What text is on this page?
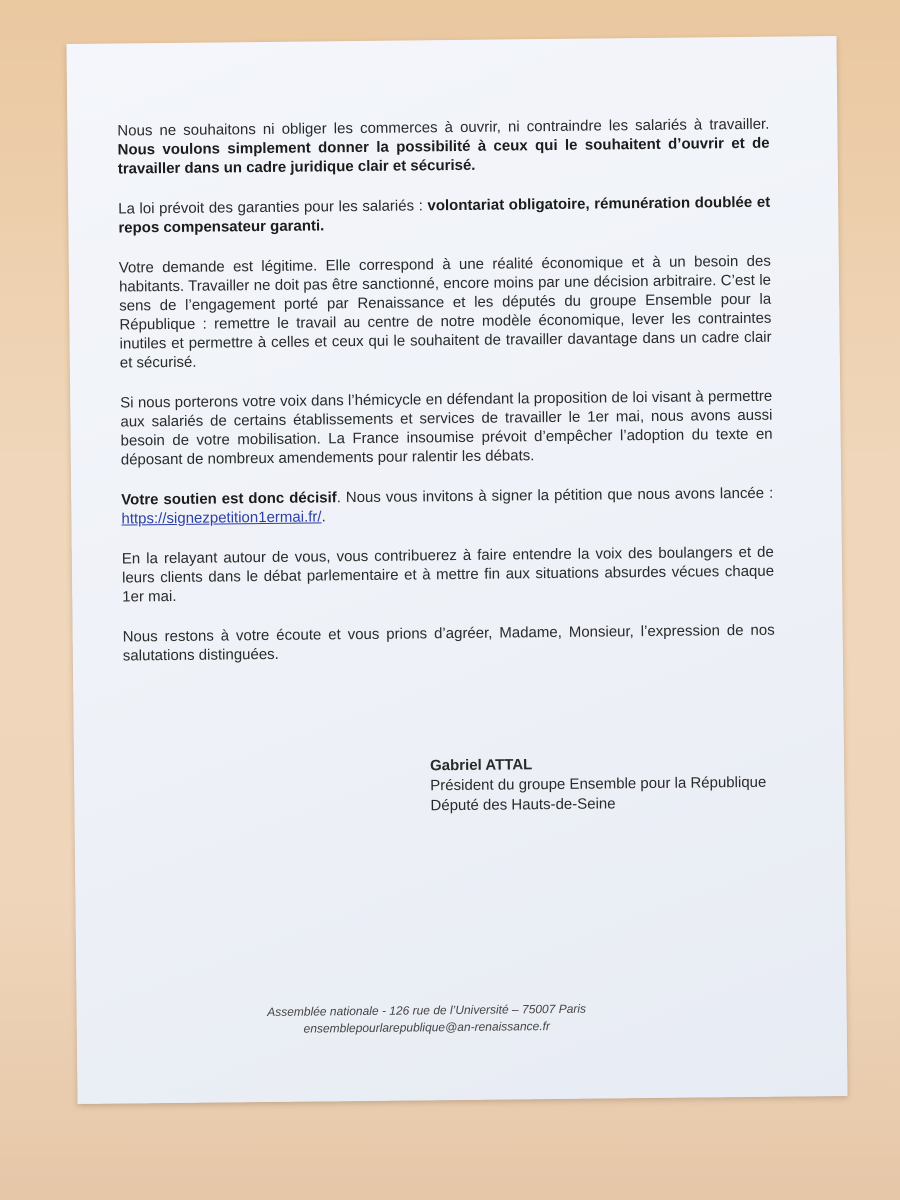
Nous ne souhaitons ni obliger les commerces à ouvrir, ni contraindre les salariés à travailler. Nous voulons simplement donner la possibilité à ceux qui le souhaitent d’ouvrir et de travailler dans un cadre juridique clair et sécurisé.

La loi prévoit des garanties pour les salariés : volontariat obligatoire, rémunération doublée et repos compensateur garanti.

Votre demande est légitime. Elle correspond à une réalité économique et à un besoin des habitants. Travailler ne doit pas être sanctionné, encore moins par une décision arbitraire. C’est le sens de l’engagement porté par Renaissance et les députés du groupe Ensemble pour la République : remettre le travail au centre de notre modèle économique, lever les contraintes inutiles et permettre à celles et ceux qui le souhaitent de travailler davantage dans un cadre clair et sécurisé.

Si nous porterons votre voix dans l’hémicycle en défendant la proposition de loi visant à permettre aux salariés de certains établissements et services de travailler le 1er mai, nous avons aussi besoin de votre mobilisation. La France insoumise prévoit d’empêcher l’adoption du texte en déposant de nombreux amendements pour ralentir les débats.

Votre soutien est donc décisif. Nous vous invitons à signer la pétition que nous avons lancée : https://signezpetition1ermai.fr/.

En la relayant autour de vous, vous contribuerez à faire entendre la voix des boulangers et de leurs clients dans le débat parlementaire et à mettre fin aux situations absurdes vécues chaque 1er mai.

Nous restons à votre écoute et vous prions d’agréer, Madame, Monsieur, l’expression de nos salutations distinguées.

Gabriel ATTAL
Président du groupe Ensemble pour la République
Député des Hauts-de-Seine
Assemblée nationale - 126 rue de l’Université – 75007 Paris
ensemblepourlarepublique@an-renaissance.fr
